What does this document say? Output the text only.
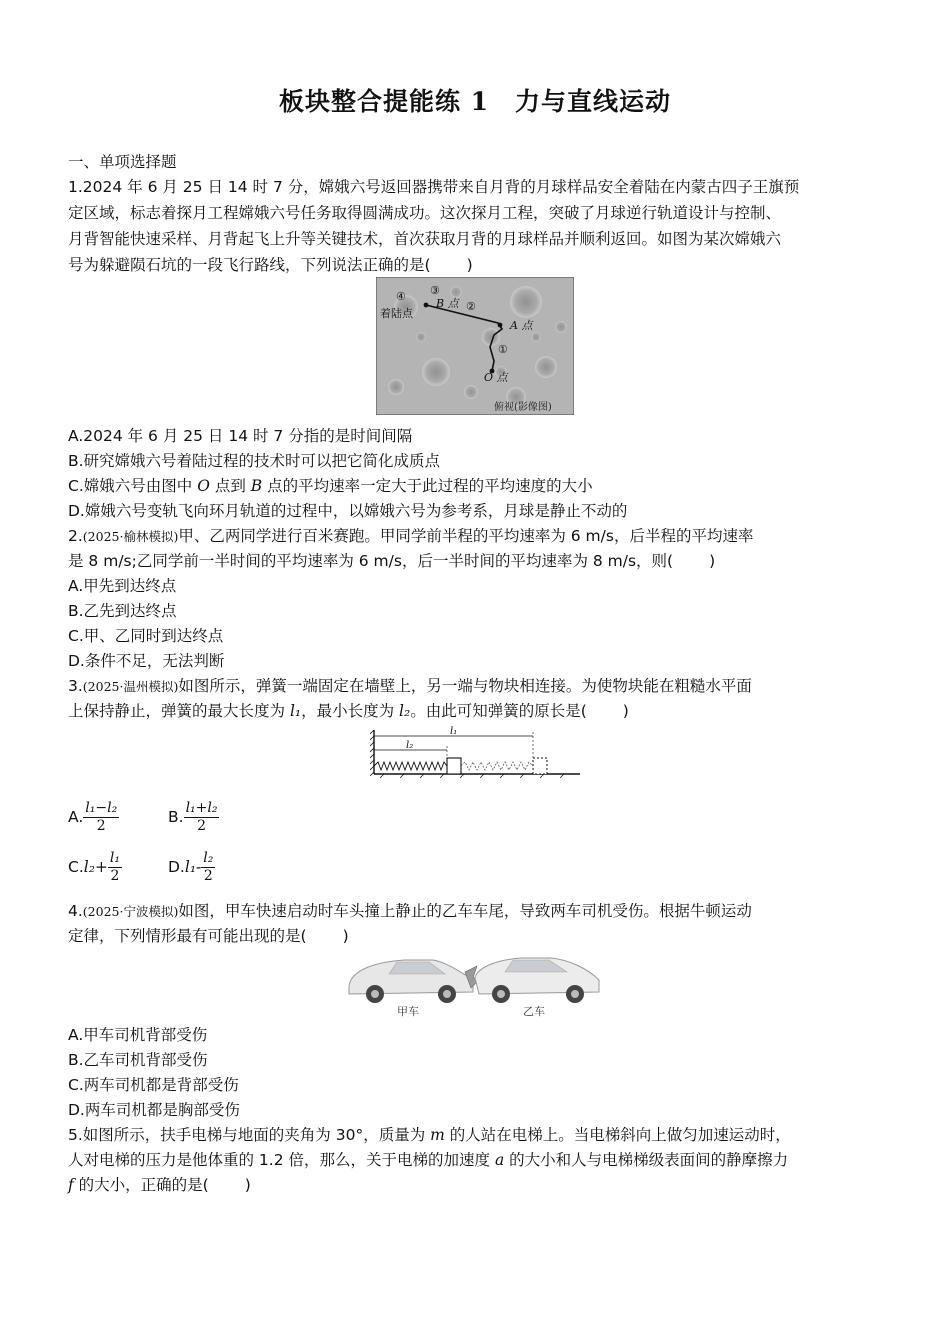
板块整合提能练 1　力与直线运动
一、单项选择题
1.2024 年 6 月 25 日 14 时 7 分，嫦娥六号返回器携带来自月背的月球样品安全着陆在内蒙古四子王旗预
定区域，标志着探月工程嫦娥六号任务取得圆满成功。这次探月工程，突破了月球逆行轨道设计与控制、
月背智能快速采样、月背起飞上升等关键技术，首次获取月背的月球样品并顺利返回。如图为某次嫦娥六
号为躲避陨石坑的一段飞行路线，下列说法正确的是( )
④ ③
②
①
着陆点
B 点
A 点
O 点
俯视(影像图)
A.2024 年 6 月 25 日 14 时 7 分指的是时间间隔
B.研究嫦娥六号着陆过程的技术时可以把它简化成质点
C.嫦娥六号由图中 O 点到 B 点的平均速率一定大于此过程的平均速度的大小
D.嫦娥六号变轨飞向环月轨道的过程中，以嫦娥六号为参考系，月球是静止不动的
2.(2025·榆林模拟)甲、乙两同学进行百米赛跑。甲同学前半程的平均速率为 6 m/s，后半程的平均速率
是 8 m/s;乙同学前一半时间的平均速率为 6 m/s，后一半时间的平均速率为 8 m/s，则( )
A.甲先到达终点
B.乙先到达终点
C.甲、乙同时到达终点
D.条件不足，无法判断
3.(2025·温州模拟)如图所示，弹簧一端固定在墙壁上，另一端与物块相连接。为使物块能在粗糙水平面
上保持静止，弹簧的最大长度为 l₁，最小长度为 l₂。由此可知弹簧的原长是( )
l₁
l₂
A. $\frac{\text{l₁−l₂}}{2}$	B. $\frac{\text{l₁+l₂}}{2}$
$C.l_2+ \frac{\text{l₁}}{2}$	$D.l_1- \frac{\text{l₂}}{2}$
4.(2025·宁波模拟)如图，甲车快速启动时车头撞上静止的乙车车尾，导致两车司机受伤。根据牛顿运动
定律，下列情形最有可能出现的是( )
甲车	乙车
A.甲车司机背部受伤
B.乙车司机背部受伤
C.两车司机都是背部受伤
D.两车司机都是胸部受伤
5.如图所示，扶手电梯与地面的夹角为 30°，质量为 m 的人站在电梯上。当电梯斜向上做匀加速运动时，
人对电梯的压力是他体重的 1.2 倍，那么，关于电梯的加速度 a 的大小和人与电梯梯级表面间的静摩擦力
f 的大小，正确的是( )
